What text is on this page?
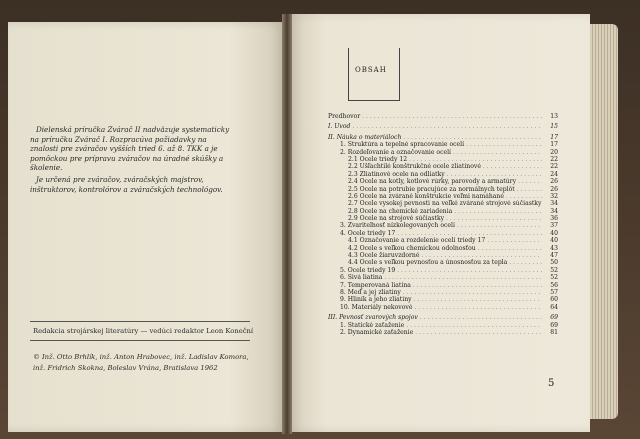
Dielenská príručka Zvárač II nadväzuje systematicky na príručku Zvárač I. Rozpracúva požiadavky na znalosti pre zváračov vyšších tried 6. až 8. TKK a je pomôckou pre prípravu zváračov na úradné skúšky a školenie.

Je určená pre zváračov, zváračských majstrov, inštruktorov, kontrolórov a zváračských technológov.

Redakcia strojárskej literatúry — vedúci redaktor Leon Koneční
© Inž. Otto Brhlík, inž. Anton Hrabovec, inž. Ladislav Komora, inž. Fridrich Skokna, Boleslav Vrána, Bratislava 1962
OBSAH
Predhovor . . .	13
I. Úvod . . .	15
II. Náuka o materiáloch . . .	17
1. Štruktúra a tepelné spracovanie ocelí . . .	17
2. Rozdeľovanie a označovanie ocelí . . .	20
2.1 Ocele triedy 12 . . .	22
2.2 Ušľachtilé konštrukčné ocele zliatinové . . .	22
2.3 Zliatinové ocele na odliatky . . .	24
2.4 Ocele na kotly, kotlové rúrky, parovody a armatúry . . .	26
2.5 Ocele na potrubie pracujúce za normálnych teplôt . . .	26
2.6 Ocele na zvárané konštrukcie veľmi namáhané . . .	32
2.7 Ocele vysokej pevnosti na veľké zvárané strojové súčiastky . . .	34
2.8 Ocele na chemické zariadenia . . .	34
2.9 Ocele na strojové súčiastky . . .	36
3. Zvariteľnosť nízkolegovaných ocelí . . .	37
4. Ocele triedy 17 . . .	40
4.1 Označovanie a rozdelenie ocelí triedy 17 . . .	40
4.2 Ocele s veľkou chemickou odolnosťou . . .	43
4.3 Ocele žiaruvzdorné . . .	47
4.4 Ocele s veľkou pevnosťou a únosnosťou za tepla . . .	50
5. Ocele triedy 19 . . .	52
6. Sivá liatina . . .	52
7. Temperovaná liatina . . .	56
8. Meď a jej zliatiny . . .	57
9. Hliník a jeho zliatiny . . .	60
10. Materiály nekovové . . .	64
III. Pevnosť zvarových spojov . . .	69
1. Statické zaťaženie . . .	69
2. Dynamické zaťaženie . . .	81
5
